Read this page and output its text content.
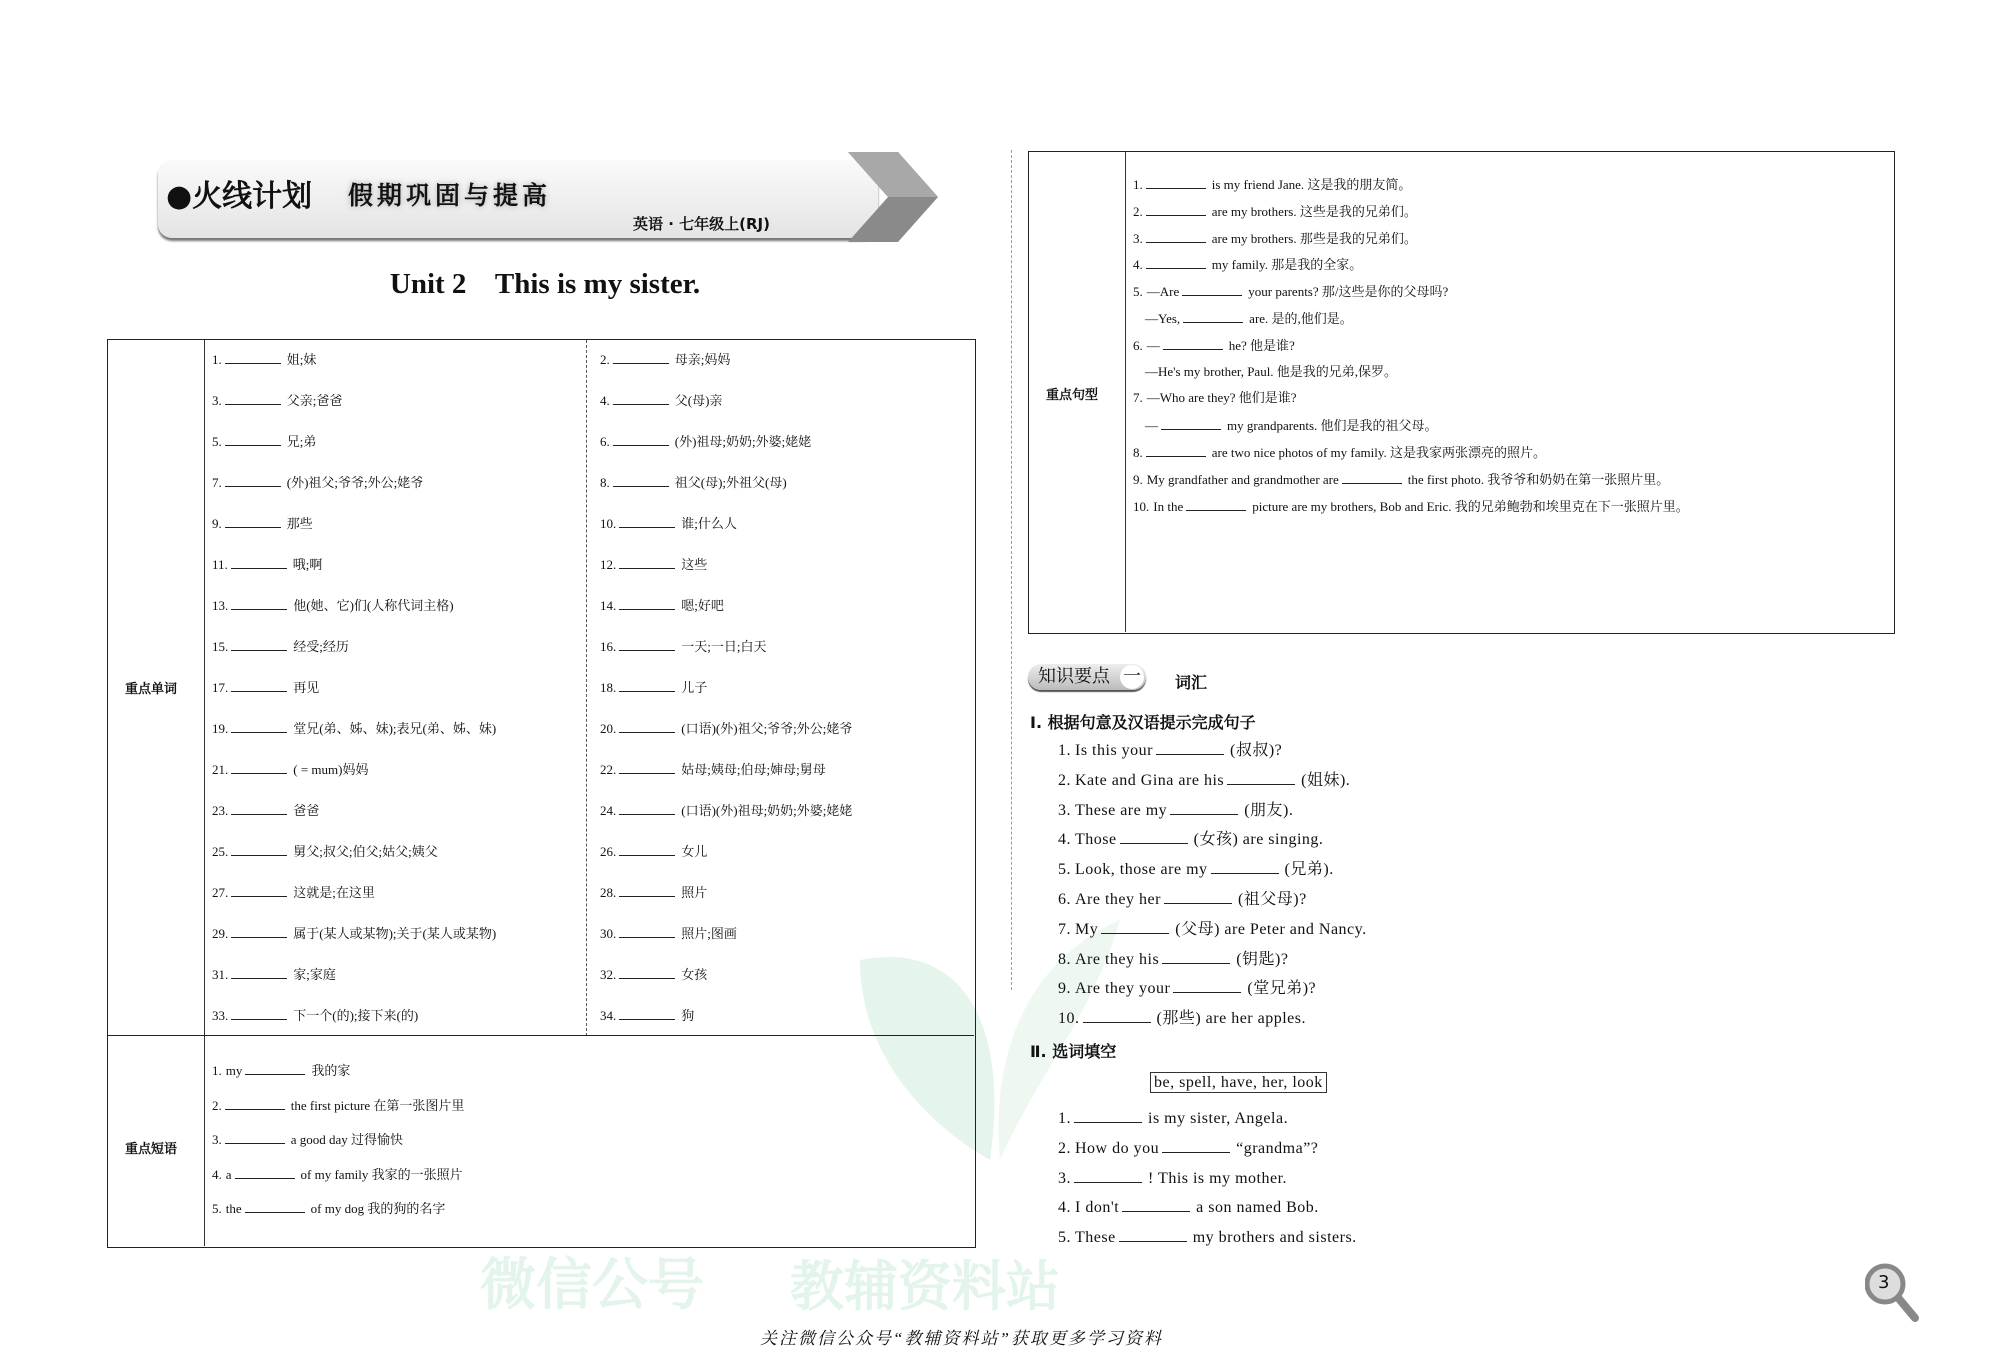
微信公号 教辅资料站
●火线计划 假期巩固与提高
英语 · 七年级上(RJ)
Unit 2    This is my sister.
重点单词
重点短语
1.	姐;妹	2.	母亲;妈妈
3.	父亲;爸爸	4.	父(母)亲
5.	兄;弟	6.	(外)祖母;奶奶;外婆;姥姥
7.	(外)祖父;爷爷;外公;姥爷	8.	祖父(母);外祖父(母)
9.	那些	10.	谁;什么人
11.	哦;啊	12.	这些
13.	他(她、它)们(人称代词主格)	14.	嗯;好吧
15.	经受;经历	16.	一天;一日;白天
17.	再见	18.	儿子
19.	堂兄(弟、姊、妹);表兄(弟、姊、妹)	20.	(口语)(外)祖父;爷爷;外公;姥爷
21.	( = mum)妈妈	22.	姑母;姨母;伯母;婶母;舅母
23.	爸爸	24.	(口语)(外)祖母;奶奶;外婆;姥姥
25.	舅父;叔父;伯父;姑父;姨父	26.	女儿
27.	这就是;在这里	28.	照片
29.	属于(某人或某物);关于(某人或某物)	30.	照片;图画
31.	家;家庭	32.	女孩
33.	下一个(的);接下来(的)	34.	狗
1. my	我的家
2.	the first picture 在第一张图片里
3.	a good day 过得愉快
4. a	of my family 我家的一张照片
5. the	of my dog 我的狗的名字
重点句型
1.	is my friend Jane. 这是我的朋友简。
2.	are my brothers. 这些是我的兄弟们。
3.	are my brothers. 那些是我的兄弟们。
4.	my family. 那是我的全家。
5. —Are	your parents? 那/这些是你的父母吗?
—Yes,	are. 是的,他们是。
6. —	he? 他是谁?
—He's my brother, Paul. 他是我的兄弟,保罗。
7. —Who are they? 他们是谁?
—	my grandparents. 他们是我的祖父母。
8.	are two nice photos of my family. 这是我家两张漂亮的照片。
9. My grandfather and grandmother are	the first photo. 我爷爷和奶奶在第一张照片里。
10. In the	picture are my brothers, Bob and Eric. 我的兄弟鲍勃和埃里克在下一张照片里。
知识要点 一 词汇
Ⅰ. 根据句意及汉语提示完成句子
1. Is this your	(叔叔)?
2. Kate and Gina are his	(姐妹).
3. These are my	(朋友).
4. Those	(女孩) are singing.
5. Look, those are my	(兄弟).
6. Are they her	(祖父母)?
7. My	(父母) are Peter and Nancy.
8. Are they his	(钥匙)?
9. Are they your	(堂兄弟)?
10.	(那些) are her apples.
Ⅱ. 选词填空
be, spell, have, her, look
1.	is my sister, Angela.
2. How do you	“grandma”?
3.	! This is my mother.
4. I don't	a son named Bob.
5. These	my brothers and sisters.
3
关注微信公众号“教辅资料站”获取更多学习资料
